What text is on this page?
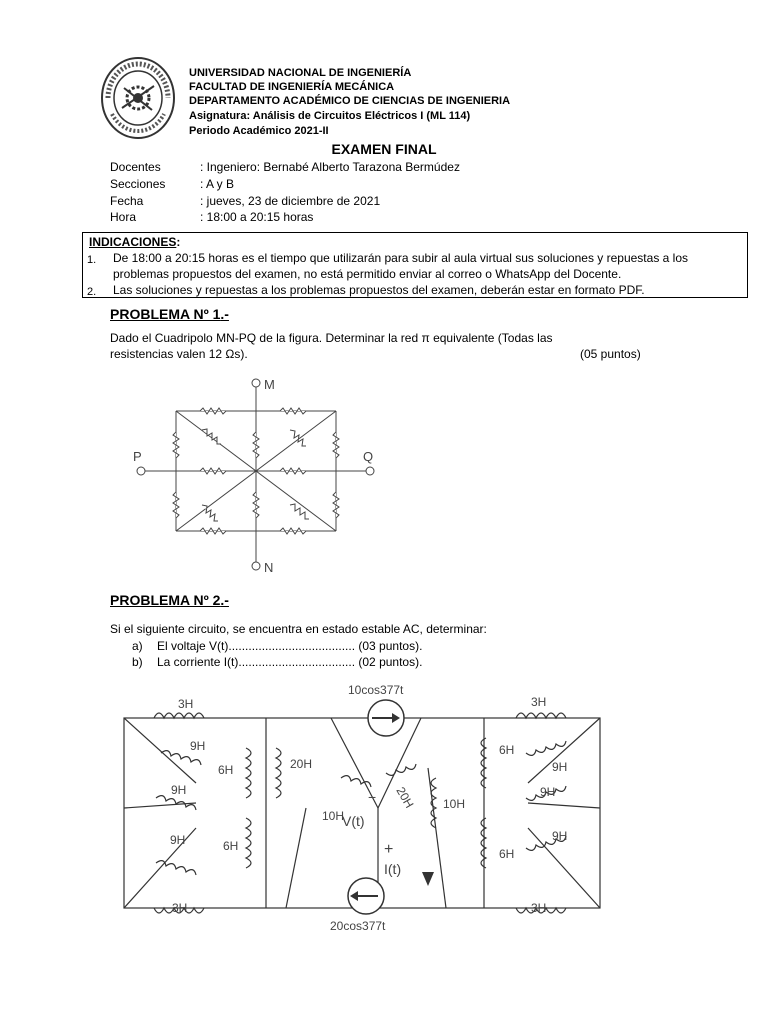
UNIVERSIDAD NACIONAL DE INGENIERÍA
FACULTAD DE INGENIERÍA MECÁNICA
DEPARTAMENTO ACADÉMICO DE CIENCIAS DE INGENIERIA
Asignatura: Análisis de Circuitos Eléctricos I (ML 114)
Periodo Académico 2021-II
EXAMEN FINAL
Docentes	: Ingeniero: Bernabé Alberto Tarazona Bermúdez
Secciones	: A y B
Fecha	: jueves, 23 de diciembre de 2021
Hora	: 18:00 a 20:15 horas
INDICACIONES:
1. De 18:00 a 20:15 horas es el tiempo que utilizarán para subir al aula virtual sus soluciones y repuestas a los
problemas propuestos del examen, no está permitido enviar al correo o WhatsApp del Docente.
2. Las soluciones y repuestas a los problemas propuestos del examen, deberán estar en formato PDF.
PROBLEMA Nº 1.-
Dado el Cuadripolo MN-PQ de la figura. Determinar la red π equivalente (Todas las
resistencias valen 12 Ωs).	(05 puntos)
M
N
P	Q
PROBLEMA Nº 2.-
Si el siguiente circuito, se encuentra en estado estable AC, determinar:
a) El voltaje V(t)...................................... (03 puntos).
b) La corriente I(t)................................... (02 puntos).
10cos377t
20cos377t
3H	3H
3H	3H
9H
9H
9H
9H
9H
9H
6H
6H
6H
6H
20H
20H
10H
10H
−
V(t)
+
I(t)
